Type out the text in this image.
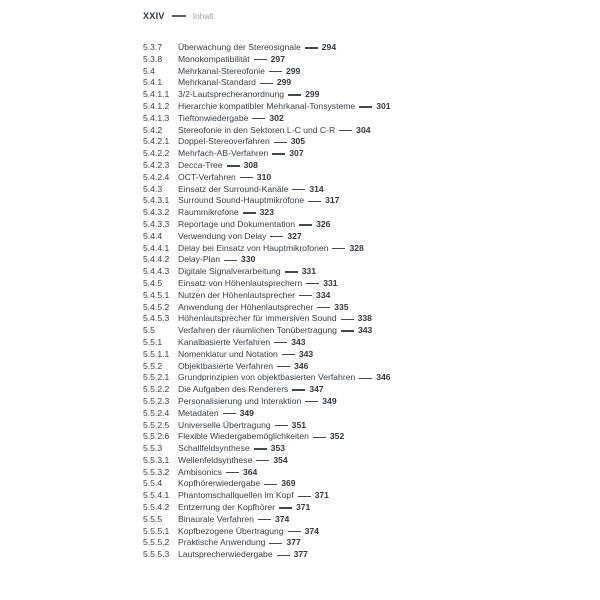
XXIV	Inhalt
5.3.7	Überwachung der Stereosignale 294
5.3.8	Monokompatibilität 297
5.4	Mehrkanal-Stereofonie 299
5.4.1	Mehrkanal-Standard 299
5.4.1.1	3/2-Lautsprecheranordnung 299
5.4.1.2	Hierarchie kompatibler Mehrkanal-Tonsysteme 301
5.4.1.3	Tieftonwiedergabe 302
5.4.2	Stereofonie in den Sektoren L-C und C-R 304
5.4.2.1	Doppel-Stereoverfahren 305
5.4.2.2	Mehrfach-AB-Verfahren 307
5.4.2.3	Decca-Tree 308
5.4.2.4	OCT-Verfahren 310
5.4.3	Einsatz der Surround-Kanäle 314
5.4.3.1	Surround Sound-Hauptmikrofone 317
5.4.3.2	Raummikrofone 323
5.4.3.3	Reportage und Dokumentation 326
5.4.4	Verwendung von Delay 327
5.4.4.1	Delay bei Einsatz von Hauptmikrofonen 328
5.4.4.2	Delay-Plan 330
5.4.4.3	Digitale Signalverarbeitung 331
5.4.5	Einsatz von Höhenlautsprechern 331
5.4.5.1	Nutzen der Höhenlautsprecher 334
5.4.5.2	Anwendung der Höhenlautsprecher 335
5.4.5.3	Höhenlautsprecher für immersiven Sound 338
5.5	Verfahren der räumlichen Tonübertragung 343
5.5.1	Kanalbasierte Verfahren 343
5.5.1.1	Nomenklatur und Notation 343
5.5.2	Objektbasierte Verfahren 346
5.5.2.1	Grundprinzipien von objektbasierten Verfahren 346
5.5.2.2	Die Aufgaben des Renderers 347
5.5.2.3	Personalisierung und Interaktion 349
5.5.2.4	Metadaten 349
5.5.2.5	Universelle Übertragung 351
5.5.2.6	Flexible Wiedergabemöglichkeiten 352
5.5.3	Schallfeldsynthese 353
5.5.3.1	Wellenfeldsynthese 354
5.5.3.2	Ambisonics 364
5.5.4	Kopfhörerwiedergabe 369
5.5.4.1	Phantomschallquellen im Kopf 371
5.5.4.2	Entzerrung der Kopfhörer 371
5.5.5	Binaurale Verfahren 374
5.5.5.1	Kopfbezogene Übertragung 374
5.5.5.2	Praktische Anwendung 377
5.5.5.3	Lautsprecherwiedergabe 377
